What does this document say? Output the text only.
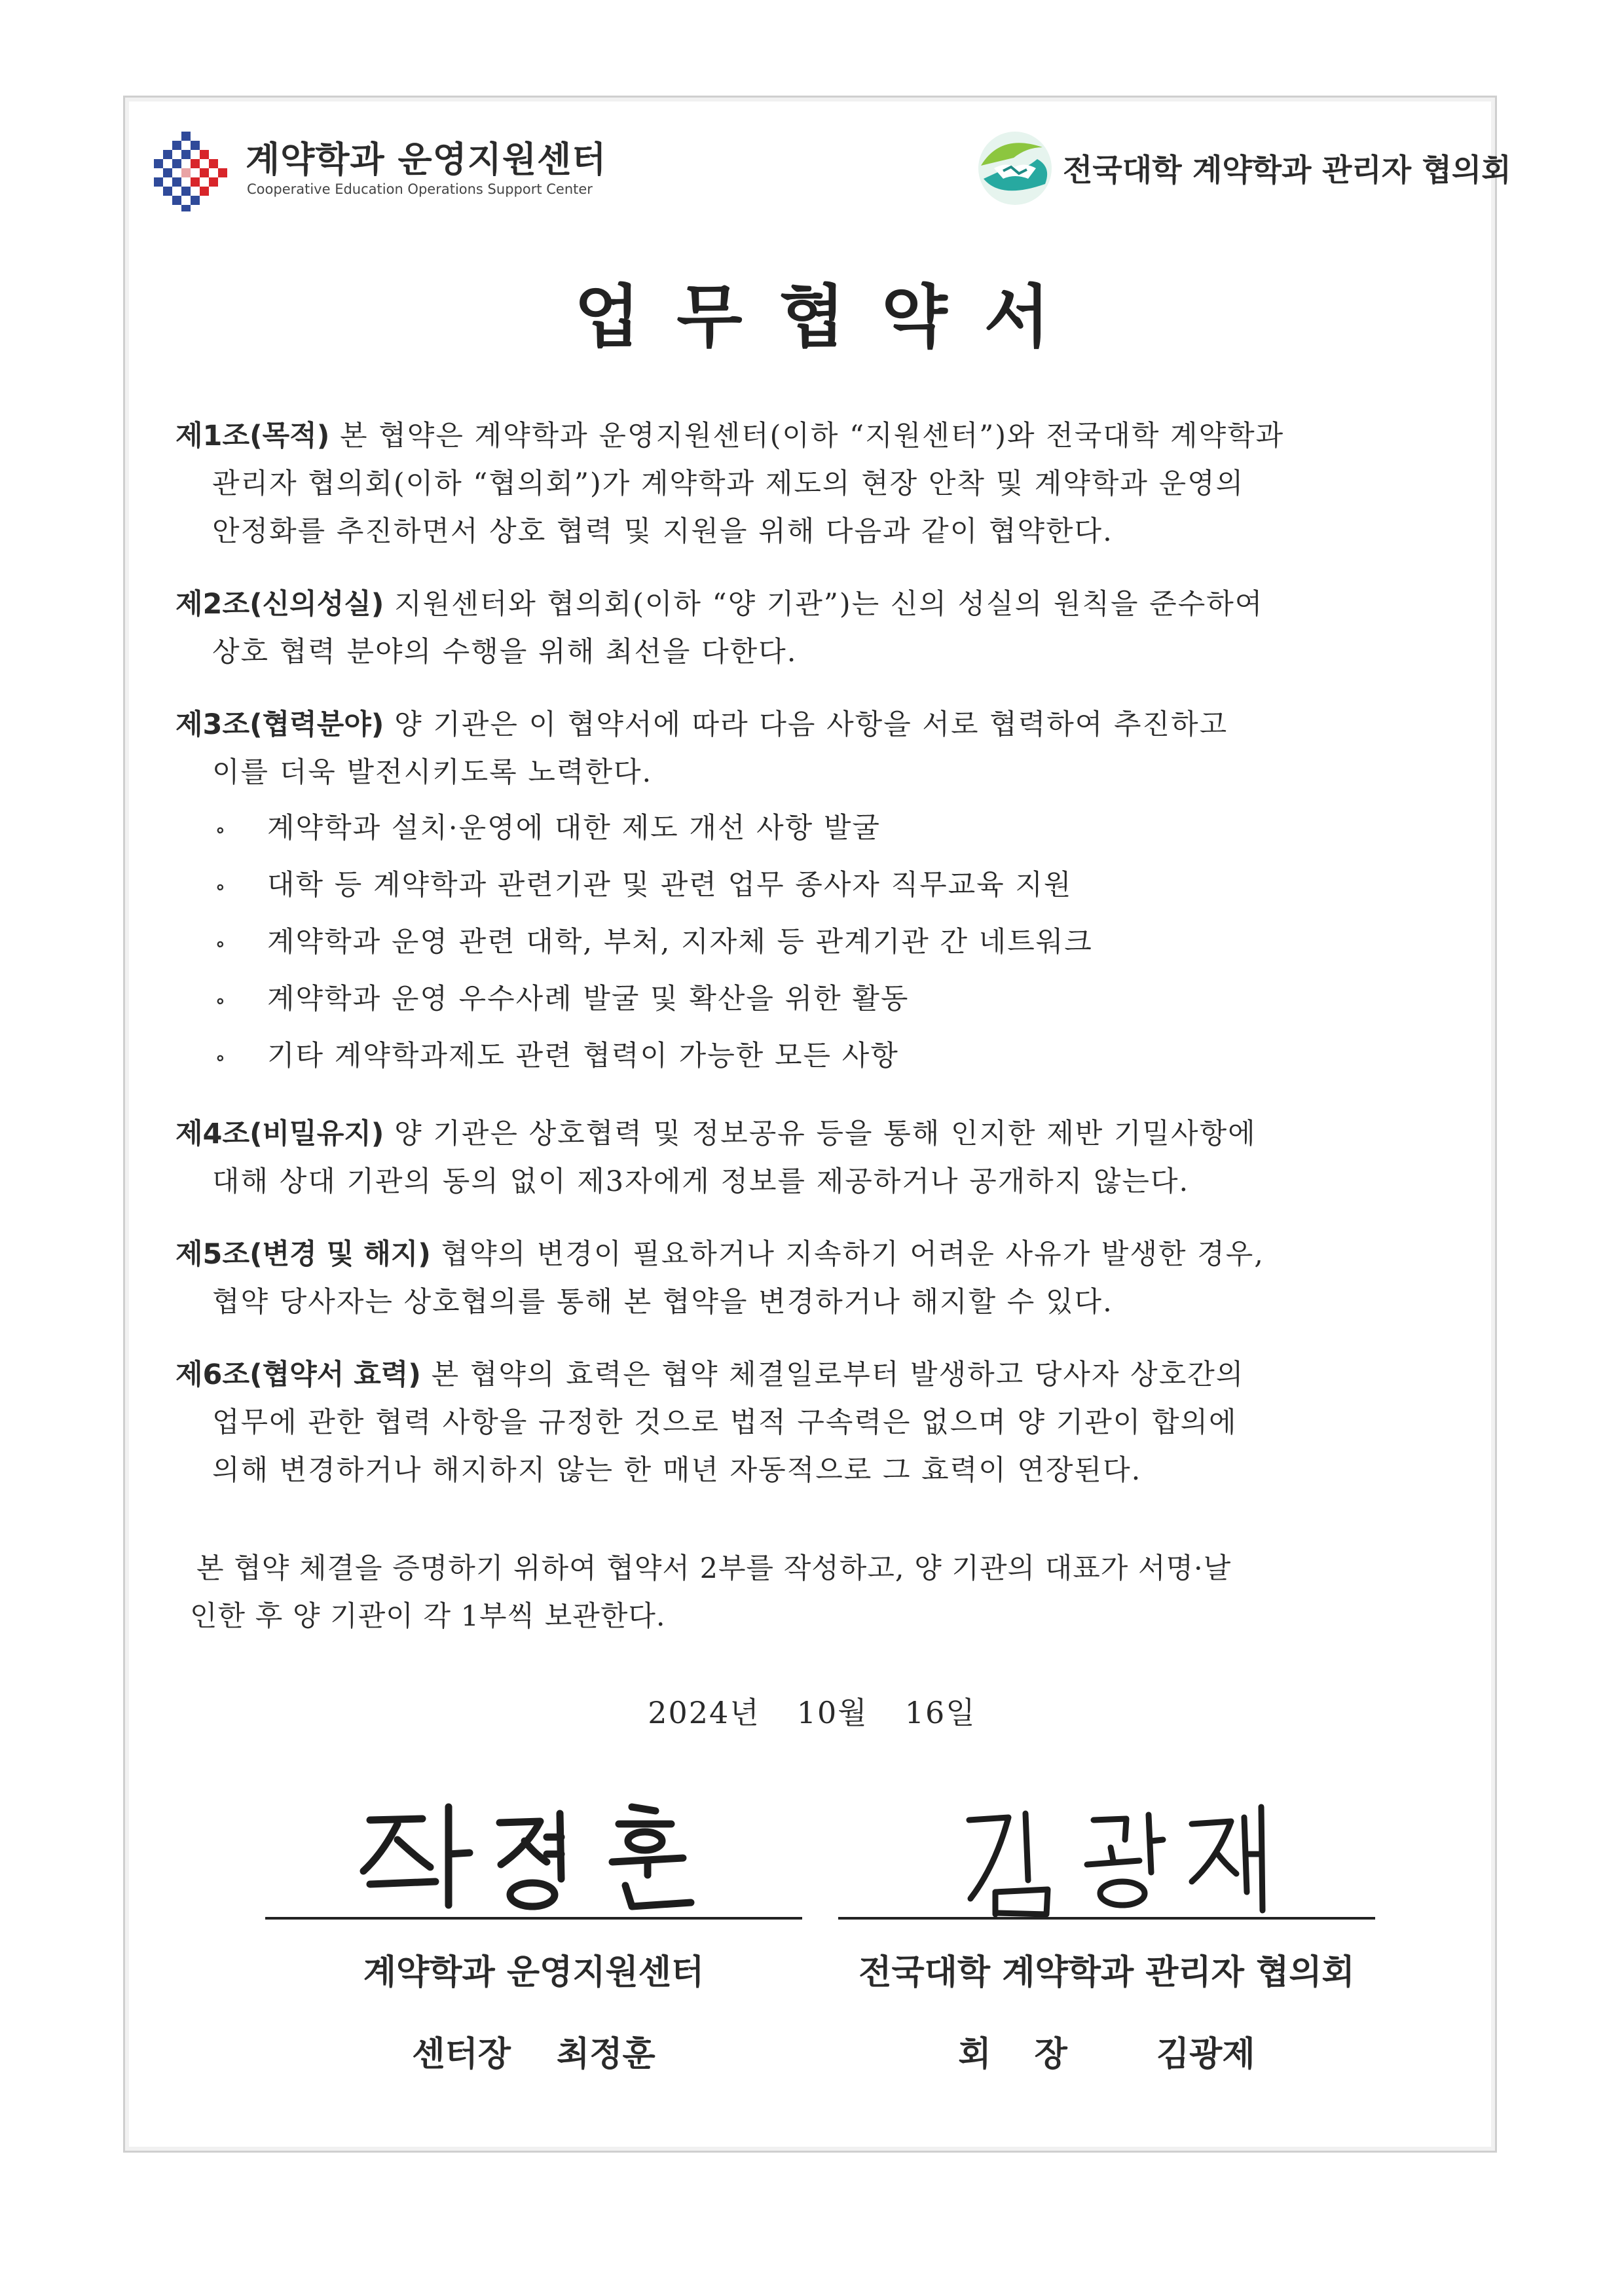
계약학과 운영지원센터
Cooperative Education Operations Support Center
전국대학 계약학과 관리자 협의회
업무협약서
제1조(목적) 본 협약은 계약학과 운영지원센터(이하 “지원센터”)와 전국대학 계약학과
관리자 협의회(이하 “협의회”)가 계약학과 제도의 현장 안착 및 계약학과 운영의
안정화를 추진하면서 상호 협력 및 지원을 위해 다음과 같이 협약한다.
제2조(신의성실) 지원센터와 협의회(이하 “양 기관”)는 신의 성실의 원칙을 준수하여
상호 협력 분야의 수행을 위해 최선을 다한다.
제3조(협력분야) 양 기관은 이 협약서에 따라 다음 사항을 서로 협력하여 추진하고
이를 더욱 발전시키도록 노력한다.
∘ 계약학과 설치·운영에 대한 제도 개선 사항 발굴
∘ 대학 등 계약학과 관련기관 및 관련 업무 종사자 직무교육 지원
∘ 계약학과 운영 관련 대학, 부처, 지자체 등 관계기관 간 네트워크
∘ 계약학과 운영 우수사례 발굴 및 확산을 위한 활동
∘ 기타 계약학과제도 관련 협력이 가능한 모든 사항
제4조(비밀유지) 양 기관은 상호협력 및 정보공유 등을 통해 인지한 제반 기밀사항에
대해 상대 기관의 동의 없이 제3자에게 정보를 제공하거나 공개하지 않는다.
제5조(변경 및 해지) 협약의 변경이 필요하거나 지속하기 어려운 사유가 발생한 경우,
협약 당사자는 상호협의를 통해 본 협약을 변경하거나 해지할 수 있다.
제6조(협약서 효력) 본 협약의 효력은 협약 체결일로부터 발생하고 당사자 상호간의
업무에 관한 협력 사항을 규정한 것으로 법적 구속력은 없으며 양 기관이 합의에
의해 변경하거나 해지하지 않는 한 매년 자동적으로 그 효력이 연장된다.
본 협약 체결을 증명하기 위하여 협약서 2부를 작성하고, 양 기관의 대표가 서명·날
인한 후 양 기관이 각 1부씩 보관한다.
2024년 10월 16일
계약학과 운영지원센터
센터장 최정훈
전국대학 계약학과 관리자 협의회
회장 김광제
